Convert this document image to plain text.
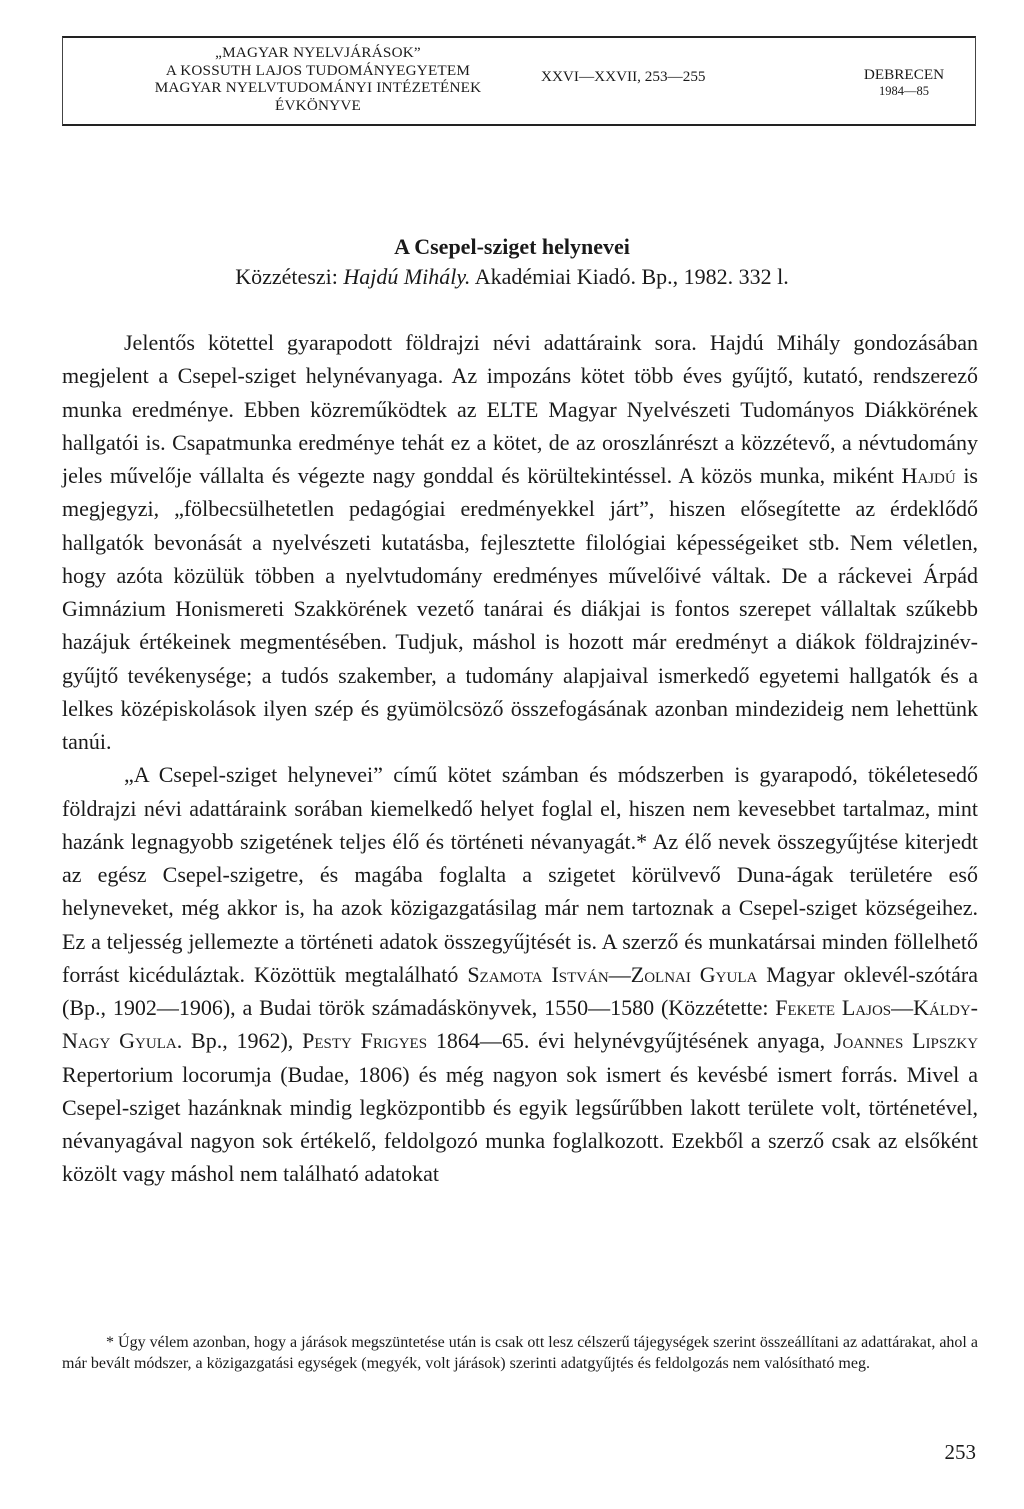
„MAGYAR NYELVJÁRÁSOK”
A KOSSUTH LAJOS TUDOMÁNYEGYETEM
MAGYAR NYELVTUDOMÁNYI INTÉZETÉNEK
ÉVKÖNYVE
XXVI—XXVII, 253—255	DEBRECEN
1984—85
A Csepel-sziget helynevei
Közzéteszi: Hajdú Mihály. Akadémiai Kiadó. Bp., 1982. 332 l.

Jelentős kötettel gyarapodott földrajzi névi adattáraink sora. Hajdú Mihály gondozásában megjelent a Csepel-sziget helynévanyaga. Az impozáns kötet több éves gyűjtő, kutató, rendszerező munka eredménye. Ebben közreműködtek az ELTE Magyar Nyelvészeti Tudományos Diákkörének hallgatói is. Csapatmunka eredménye tehát ez a kötet, de az oroszlánrészt a közzétevő, a névtudomány jeles művelője vállalta és végezte nagy gonddal és körültekintéssel. A közös munka, miként Hajdú is megjegyzi, „fölbecsülhetetlen pedagógiai eredményekkel járt”, hiszen elősegítette az érdeklődő hallgatók bevonását a nyelvészeti kutatásba, fejlesztette filológiai képességeiket stb. Nem véletlen, hogy azóta közülük többen a nyelvtudomány eredményes művelőivé váltak. De a ráckevei Árpád Gimnázium Honismereti Szakkörének vezető tanárai és diákjai is fontos szerepet vállaltak szűkebb hazájuk értékeinek megmentésében. Tudjuk, máshol is hozott már eredményt a diákok földrajzinév-gyűjtő tevékenysége; a tudós szakember, a tudomány alapjaival ismerkedő egyetemi hallgatók és a lelkes középiskolások ilyen szép és gyümölcsöző összefogásának azonban mindezideig nem lehettünk tanúi.

„A Csepel-sziget helynevei” című kötet számban és módszerben is gyarapodó, tökéletesedő földrajzi névi adattáraink sorában kiemelkedő helyet foglal el, hiszen nem kevesebbet tartalmaz, mint hazánk legnagyobb szigetének teljes élő és történeti névanyagát.* Az élő nevek összegyűjtése kiterjedt az egész Csepel-szigetre, és magába foglalta a szigetet körülvevő Duna-ágak területére eső helyneveket, még akkor is, ha azok közigazgatásilag már nem tartoznak a Csepel-sziget községeihez. Ez a teljesség jellemezte a történeti adatok összegyűjtését is. A szerző és munkatársai minden föllelhető forrást kicéduláztak. Közöttük megtalálható Szamota István—Zolnai Gyula Magyar oklevél-szótára (Bp., 1902—1906), a Budai török számadáskönyvek, 1550—1580 (Közzétette: Fekete Lajos—Káldy-Nagy Gyula. Bp., 1962), Pesty Frigyes 1864—65. évi helynévgyűjtésének anyaga, Joannes Lipszky Repertorium locorumja (Budae, 1806) és még nagyon sok ismert és kevésbé ismert forrás. Mivel a Csepel-sziget hazánknak mindig legközpontibb és egyik legsűrűbben lakott területe volt, történetével, névanyagával nagyon sok értékelő, feldolgozó munka foglalkozott. Ezekből a szerző csak az elsőként közölt vagy máshol nem található adatokat

* Úgy vélem azonban, hogy a járások megszüntetése után is csak ott lesz célszerű tájegységek szerint összeállítani az adattárakat, ahol a már bevált módszer, a közigazgatási egységek (megyék, volt járások) szerinti adatgyűjtés és feldolgozás nem valósítható meg.

253
